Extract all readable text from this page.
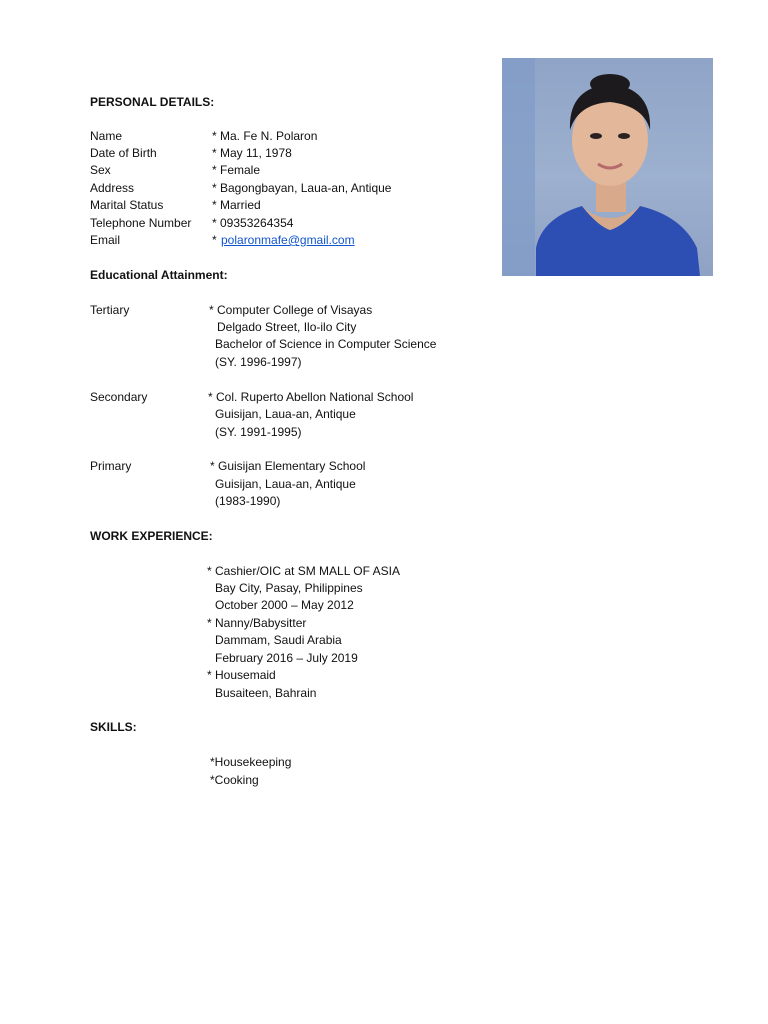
PERSONAL DETAILS:
Name	* Ma. Fe N. Polaron
Date of Birth	* May 11, 1978
Sex	* Female
Address	* Bagongbayan, Laua-an, Antique
Marital Status	* Married
Telephone Number * 09353264354
Email	* polaronmafe@gmail.com
Educational Attainment:
Tertiary	* Computer College of Visayas
Delgado Street, Ilo-ilo City
Bachelor of Science in Computer Science
(SY. 1996-1997)
Secondary	* Col. Ruperto Abellon National School
Guisijan, Laua-an, Antique
(SY. 1991-1995)
Primary	* Guisijan Elementary School
Guisijan, Laua-an, Antique
(1983-1990)
WORK EXPERIENCE:
* Cashier/OIC at SM MALL OF ASIA
Bay City, Pasay, Philippines
October 2000 – May 2012
* Nanny/Babysitter
Dammam, Saudi Arabia
February 2016 – July 2019
* Housemaid
Busaiteen, Bahrain
SKILLS:
*Housekeeping
*Cooking
